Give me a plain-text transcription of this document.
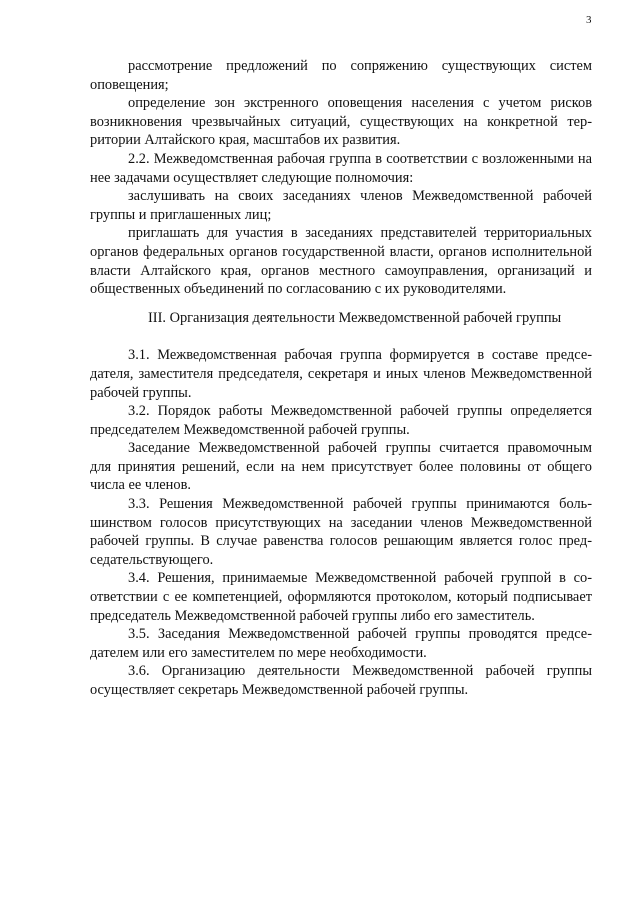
3

рассмотрение предложений по сопряжению существующих систем оповещения;

определение зон экстренного оповещения населения с учетом рисков возникновения чрезвычайных ситуаций, существующих на конкретной территории Алтайского края, масштабов их развития.

2.2. Межведомственная рабочая группа в соответствии с возложенными на нее задачами осуществляет следующие полномочия:

заслушивать на своих заседаниях членов Межведомственной рабочей группы и приглашенных лиц;

приглашать для участия в заседаниях представителей территориальных органов федеральных органов государственной власти, органов исполнительной власти Алтайского края, органов местного самоуправления, организаций и общественных объединений по согласованию с их руководителями.

III. Организация деятельности Межведомственной рабочей группы

3.1. Межведомственная рабочая группа формируется в составе председателя, заместителя председателя, секретаря и иных членов Межведомственной рабочей группы.

3.2. Порядок работы Межведомственной рабочей группы определяется председателем Межведомственной рабочей группы.

Заседание Межведомственной рабочей группы считается правомочным для принятия решений, если на нем присутствует более половины от общего числа ее членов.

3.3. Решения Межведомственной рабочей группы принимаются большинством голосов присутствующих на заседании членов Межведомственной рабочей группы. В случае равенства голосов решающим является голос председательствующего.

3.4. Решения, принимаемые Межведомственной рабочей группой в соответствии с ее компетенцией, оформляются протоколом, который подписывает председатель Межведомственной рабочей группы либо его заместитель.

3.5. Заседания Межведомственной рабочей группы проводятся председателем или его заместителем по мере необходимости.

3.6. Организацию деятельности Межведомственной рабочей группы осуществляет секретарь Межведомственной рабочей группы.
